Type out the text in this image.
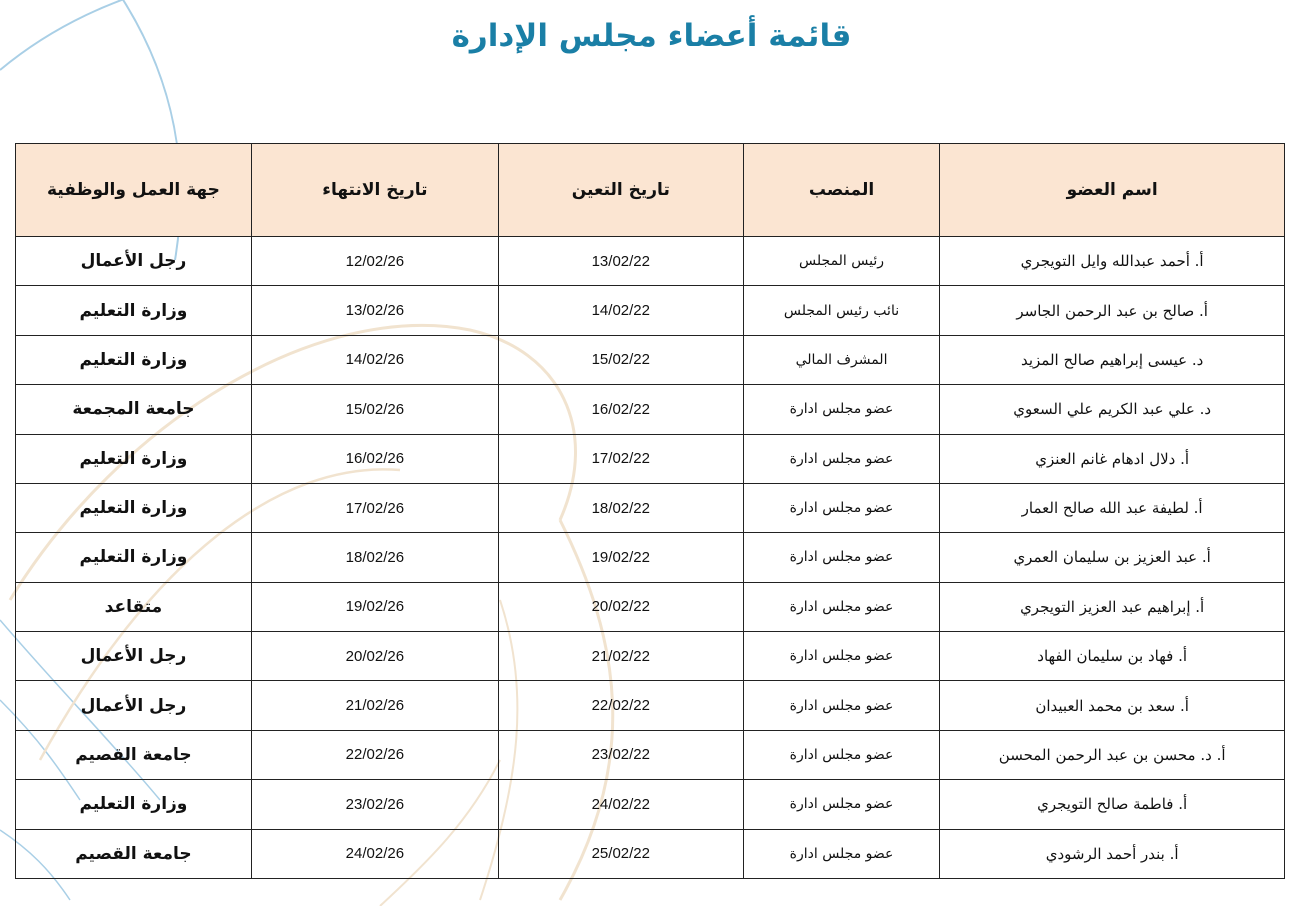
قائمة أعضاء مجلس الإدارة
اسم العضو	المنصب	تاريخ التعين	تاريخ الانتهاء	جهة العمل والوظفية
أ. أحمد عبدالله وايل التويجري	رئيس المجلس	13/02/22	12/02/26	رجل الأعمال
أ. صالح بن عبد الرحمن الجاسر	نائب رئيس المجلس	14/02/22	13/02/26	وزارة التعليم
د. عيسى إبراهيم صالح المزيد	المشرف المالي	15/02/22	14/02/26	وزارة التعليم
د. علي عبد الكريم علي السعوي	عضو مجلس ادارة	16/02/22	15/02/26	جامعة المجمعة
أ. دلال ادهام غانم العنزي	عضو مجلس ادارة	17/02/22	16/02/26	وزارة التعليم
أ. لطيفة عبد الله صالح العمار	عضو مجلس ادارة	18/02/22	17/02/26	وزارة التعليم
أ. عبد العزيز بن سليمان العمري	عضو مجلس ادارة	19/02/22	18/02/26	وزارة التعليم
أ. إبراهيم عبد العزيز التويجري	عضو مجلس ادارة	20/02/22	19/02/26	متقاعد
أ. فهاد بن سليمان الفهاد	عضو مجلس ادارة	21/02/22	20/02/26	رجل الأعمال
أ. سعد بن محمد العبيدان	عضو مجلس ادارة	22/02/22	21/02/26	رجل الأعمال
أ. د. محسن بن عبد الرحمن المحسن	عضو مجلس ادارة	23/02/22	22/02/26	جامعة القصيم
أ. فاطمة صالح التويجري	عضو مجلس ادارة	24/02/22	23/02/26	وزارة التعليم
أ. بندر أحمد الرشودي	عضو مجلس ادارة	25/02/22	24/02/26	جامعة القصيم
